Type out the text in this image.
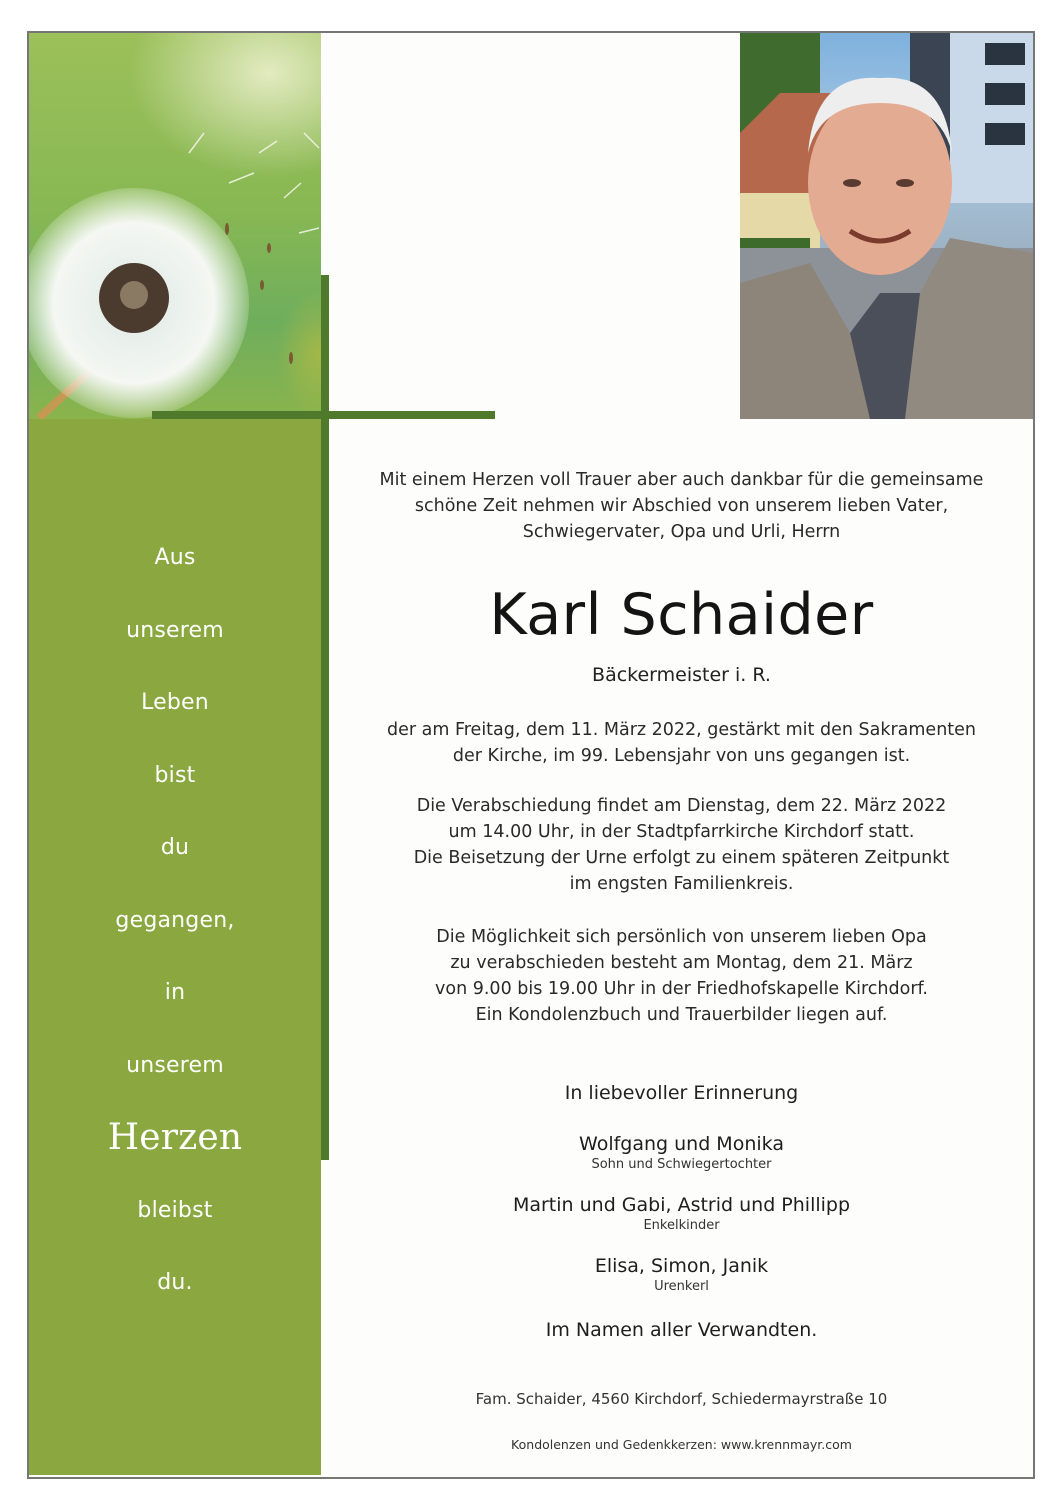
Aus
unserem
Leben
bist
du
gegangen,
in
unserem
Herzen
bleibst
du.
Mit einem Herzen voll Trauer aber auch dankbar für die gemeinsame
schöne Zeit nehmen wir Abschied von unserem lieben Vater,
Schwiegervater, Opa und Urli, Herrn
Karl Schaider
Bäckermeister i. R.
der am Freitag, dem 11. März 2022, gestärkt mit den Sakramenten
der Kirche, im 99. Lebensjahr von uns gegangen ist.
Die Verabschiedung findet am Dienstag, dem 22. März 2022
um 14.00 Uhr, in der Stadtpfarrkirche Kirchdorf statt.
Die Beisetzung der Urne erfolgt zu einem späteren Zeitpunkt
im engsten Familienkreis.
Die Möglichkeit sich persönlich von unserem lieben Opa
zu verabschieden besteht am Montag, dem 21. März
von 9.00 bis 19.00 Uhr in der Friedhofskapelle Kirchdorf.
Ein Kondolenzbuch und Trauerbilder liegen auf.
In liebevoller Erinnerung
Wolfgang und Monika
Sohn und Schwiegertochter
Martin und Gabi, Astrid und Phillipp
Enkelkinder
Elisa, Simon, Janik
Urenkerl
Im Namen aller Verwandten.
Fam. Schaider, 4560 Kirchdorf, Schiedermayrstraße 10
Kondolenzen und Gedenkkerzen: www.krennmayr.com
